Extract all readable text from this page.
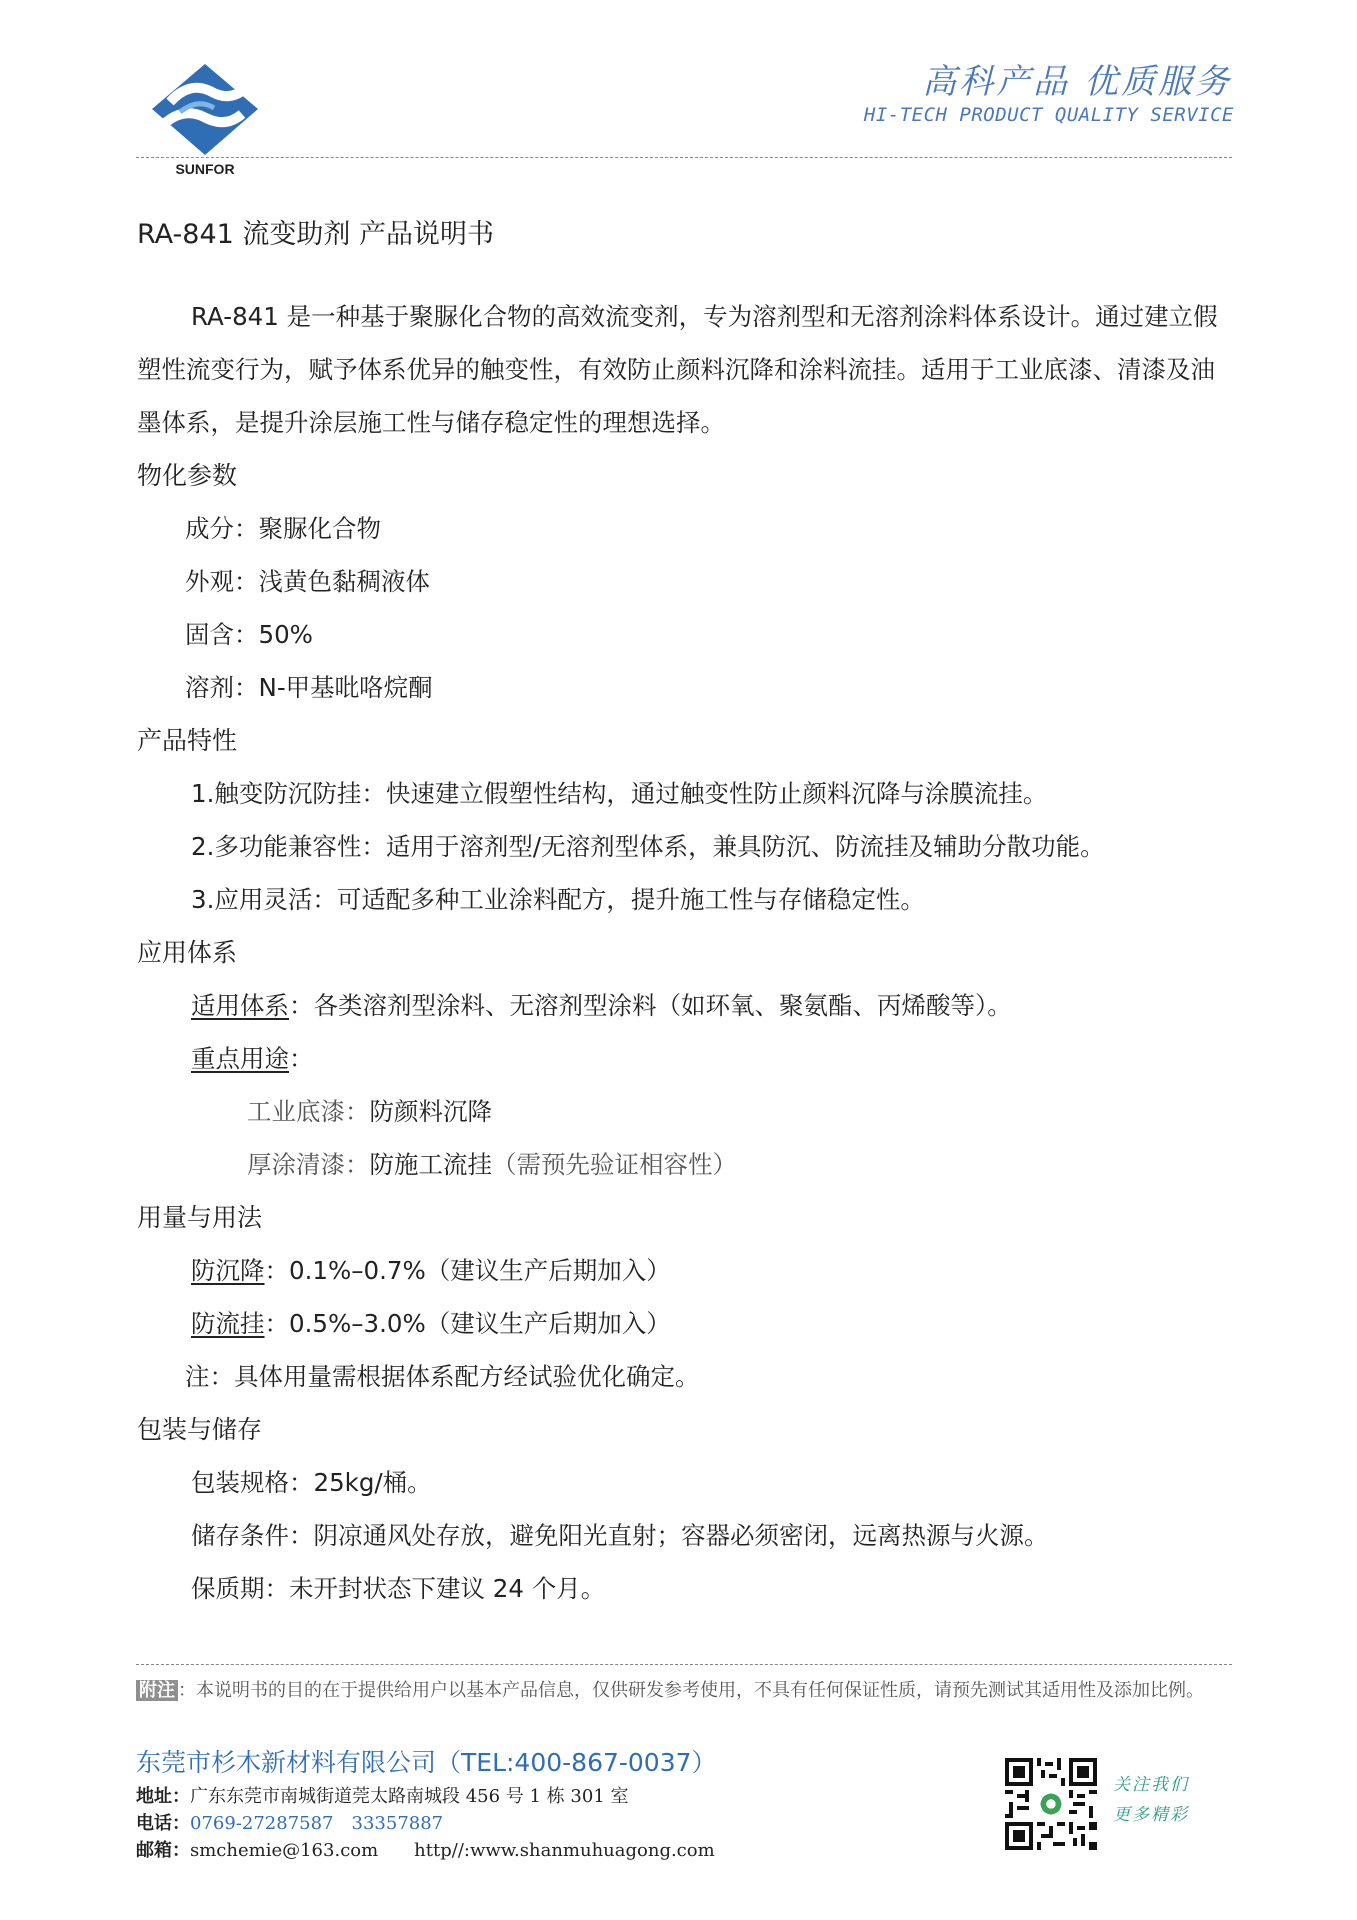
SUNFOR
高科产品 优质服务
HI-TECH PRODUCT QUALITY SERVICE
RA-841 流变助剂 产品说明书

RA-841 是一种基于聚脲化合物的高效流变剂，专为溶剂型和无溶剂涂料体系设计。通过建立假塑性流变行为，赋予体系优异的触变性，有效防止颜料沉降和涂料流挂。适用于工业底漆、清漆及油墨体系，是提升涂层施工性与储存稳定性的理想选择。

物化参数
成分：聚脲化合物
外观：浅黄色黏稠液体
固含：50%
溶剂：N-甲基吡咯烷酮
产品特性
1.触变防沉防挂：快速建立假塑性结构，通过触变性防止颜料沉降与涂膜流挂。
2.多功能兼容性：适用于溶剂型/无溶剂型体系，兼具防沉、防流挂及辅助分散功能。
3.应用灵活：可适配多种工业涂料配方，提升施工性与存储稳定性。
应用体系
适用体系：各类溶剂型涂料、无溶剂型涂料（如环氧、聚氨酯、丙烯酸等）。
重点用途：
工业底漆：防颜料沉降
厚涂清漆：防施工流挂（需预先验证相容性）
用量与用法
防沉降：0.1%–0.7%（建议生产后期加入）
防流挂：0.5%–3.0%（建议生产后期加入）
注：具体用量需根据体系配方经试验优化确定。
包装与储存
包装规格：25kg/桶。
储存条件：阴凉通风处存放，避免阳光直射；容器必须密闭，远离热源与火源。
保质期：未开封状态下建议 24 个月。
附注 ：本说明书的目的在于提供给用户以基本产品信息，仅供研发参考使用，不具有任何保证性质，请预先测试其适用性及添加比例。
东莞市杉木新材料有限公司（TEL:400-867-0037）
地址：广东东莞市南城街道莞太路南城段 456 号 1 栋 301 室
电话：0769-27287587　33357887
邮箱：smchemie@163.com　　http//:www.shanmuhuagong.com
关注我们
更多精彩
